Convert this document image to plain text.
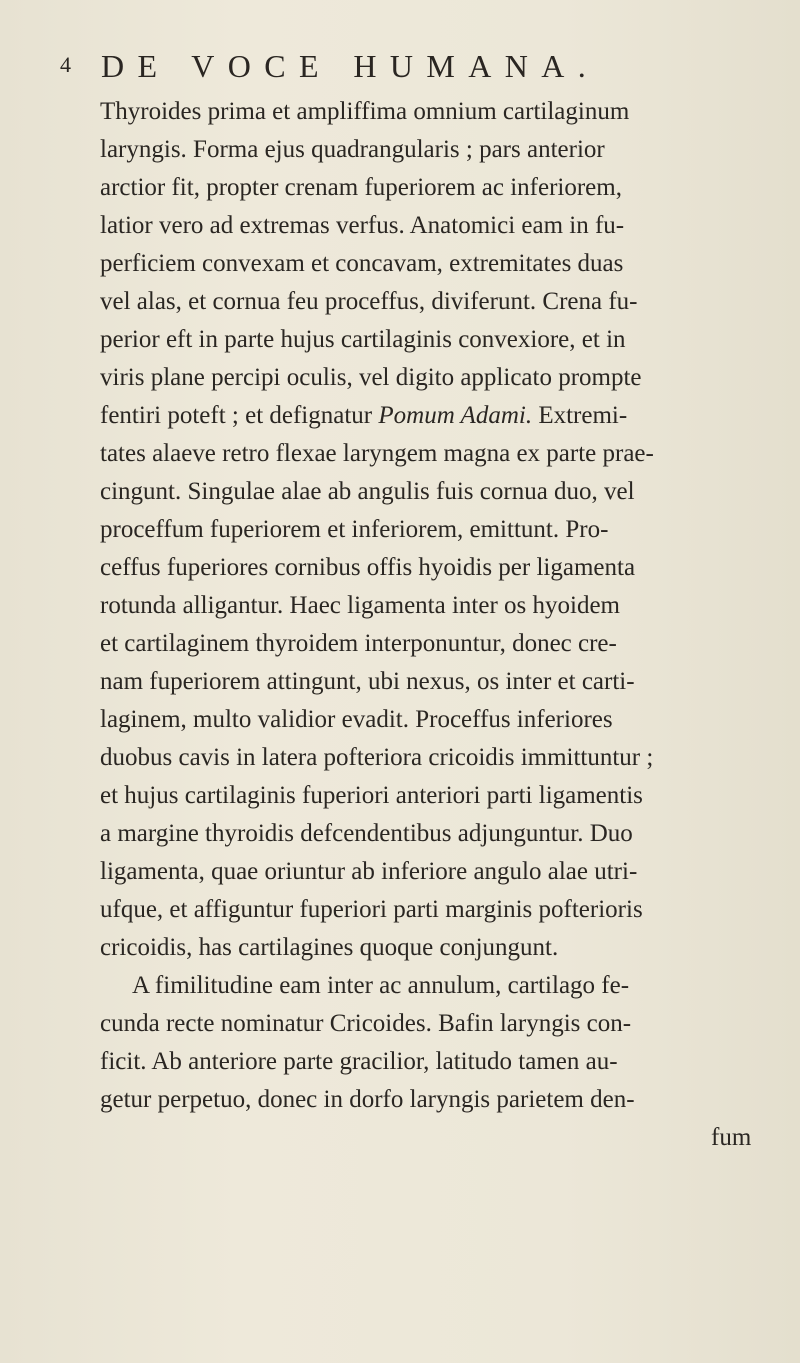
4 DE VOCE HUMANA.
Thyroides prima et ampliffima omnium cartilaginum
laryngis. Forma ejus quadrangularis ; pars anterior
arctior fit, propter crenam fuperiorem ac inferiorem,
latior vero ad extremas verfus. Anatomici eam in fu-
perficiem convexam et concavam, extremitates duas
vel alas, et cornua feu proceffus, diviferunt. Crena fu-
perior eft in parte hujus cartilaginis convexiore, et in
viris plane percipi oculis, vel digito applicato prompte
fentiri poteft ; et defignatur Pomum Adami. Extremi-
tates alaeve retro flexae laryngem magna ex parte prae-
cingunt. Singulae alae ab angulis fuis cornua duo, vel
proceffum fuperiorem et inferiorem, emittunt. Pro-
ceffus fuperiores cornibus offis hyoidis per ligamenta
rotunda alligantur. Haec ligamenta inter os hyoidem
et cartilaginem thyroidem interponuntur, donec cre-
nam fuperiorem attingunt, ubi nexus, os inter et carti-
laginem, multo validior evadit. Proceffus inferiores
duobus cavis in latera pofteriora cricoidis immittuntur ;
et hujus cartilaginis fuperiori anteriori parti ligamentis
a margine thyroidis defcendentibus adjunguntur. Duo
ligamenta, quae oriuntur ab inferiore angulo alae utri-
ufque, et affiguntur fuperiori parti marginis pofterioris
cricoidis, has cartilagines quoque conjungunt.
A fimilitudine eam inter ac annulum, cartilago fe-
cunda recte nominatur Cricoides. Bafin laryngis con-
ficit. Ab anteriore parte gracilior, latitudo tamen au-
getur perpetuo, donec in dorfo laryngis parietem den-
fum
